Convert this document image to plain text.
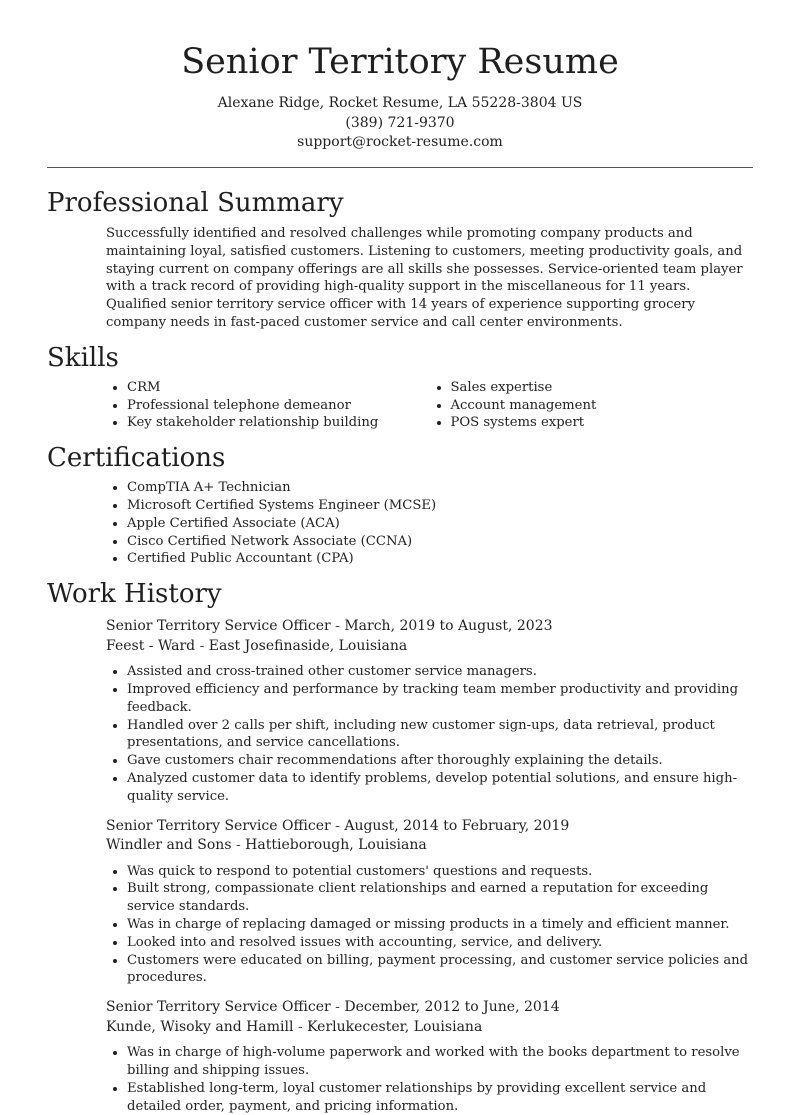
Senior Territory Resume
Alexane Ridge, Rocket Resume, LA 55228-3804 US
(389) 721-9370
support@rocket-resume.com
Professional Summary

Successfully identified and resolved challenges while promoting company products and maintaining loyal, satisfied customers. Listening to customers, meeting productivity goals, and staying current on company offerings are all skills she possesses. Service-oriented team player with a track record of providing high-quality support in the miscellaneous for 11 years. Qualified senior territory service officer with 14 years of experience supporting grocery company needs in fast-paced customer service and call center environments.

Skills
• CRM
• Professional telephone demeanor
• Key stakeholder relationship building
• Sales expertise
• Account management
• POS systems expert
Certifications
• CompTIA A+ Technician
• Microsoft Certified Systems Engineer (MCSE)
• Apple Certified Associate (ACA)
• Cisco Certified Network Associate (CCNA)
• Certified Public Accountant (CPA)
Work History
Senior Territory Service Officer - March, 2019 to August, 2023
Feest - Ward - East Josefinaside, Louisiana
• Assisted and cross-trained other customer service managers.
• Improved efficiency and performance by tracking team member productivity and providing feedback.
• Handled over 2 calls per shift, including new customer sign-ups, data retrieval, product presentations, and service cancellations.
• Gave customers chair recommendations after thoroughly explaining the details.
• Analyzed customer data to identify problems, develop potential solutions, and ensure high-quality service.
Senior Territory Service Officer - August, 2014 to February, 2019
Windler and Sons - Hattieborough, Louisiana
• Was quick to respond to potential customers' questions and requests.
• Built strong, compassionate client relationships and earned a reputation for exceeding service standards.
• Was in charge of replacing damaged or missing products in a timely and efficient manner.
• Looked into and resolved issues with accounting, service, and delivery.
• Customers were educated on billing, payment processing, and customer service policies and procedures.
Senior Territory Service Officer - December, 2012 to June, 2014
Kunde, Wisoky and Hamill - Kerlukecester, Louisiana
• Was in charge of high-volume paperwork and worked with the books department to resolve billing and shipping issues.
• Established long-term, loyal customer relationships by providing excellent service and detailed order, payment, and pricing information.
